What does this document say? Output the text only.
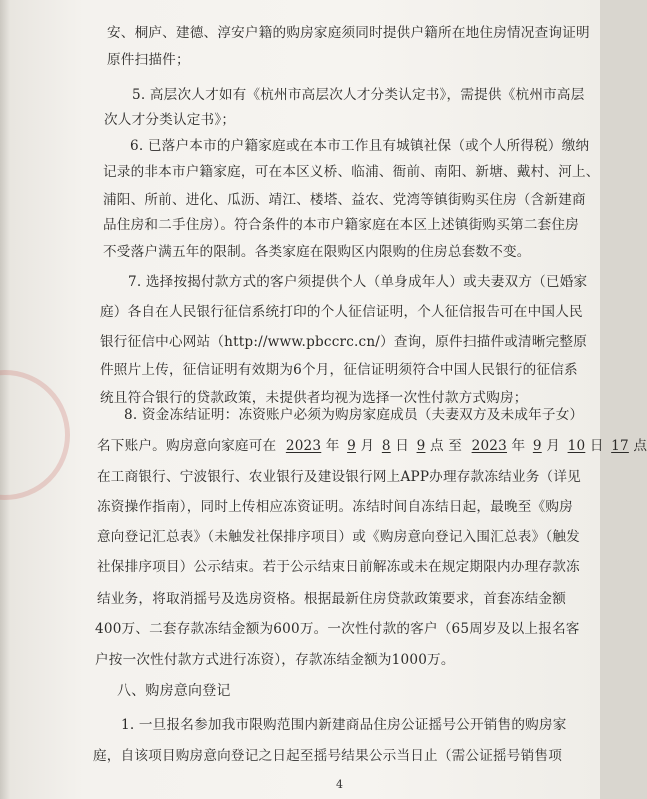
安、桐庐、建德、淳安户籍的购房家庭须同时提供户籍所在地住房情况查询证明
原件扫描件；
5. 高层次人才如有《杭州市高层次人才分类认定书》，需提供《杭州市高层
次人才分类认定书》；
6. 已落户本市的户籍家庭或在本市工作且有城镇社保（或个人所得税）缴纳
记录的非本市户籍家庭，可在本区义桥、临浦、衙前、南阳、新塘、戴村、河上、
浦阳、所前、进化、瓜沥、靖江、楼塔、益农、党湾等镇街购买住房（含新建商
品住房和二手住房）。符合条件的本市户籍家庭在本区上述镇街购买第二套住房
不受落户满五年的限制。各类家庭在限购区内限购的住房总套数不变。
7. 选择按揭付款方式的客户须提供个人（单身成年人）或夫妻双方（已婚家
庭）各自在人民银行征信系统打印的个人征信证明，个人征信报告可在中国人民
银行征信中心网站（http://www.pbccrc.cn/）查询，原件扫描件或清晰完整原
件照片上传，征信证明有效期为6个月，征信证明须符合中国人民银行的征信系
统且符合银行的贷款政策，未提供者均视为选择一次性付款方式购房；
8. 资金冻结证明：冻资账户必须为购房家庭成员（夫妻双方及未成年子女）
名下账户。购房意向家庭可在 2023 年 9 月 8 日 9 点 至 2023 年 9 月 10 日 17 点
在工商银行、宁波银行、农业银行及建设银行网上APP办理存款冻结业务（详见
冻资操作指南），同时上传相应冻资证明。冻结时间自冻结日起，最晚至《购房
意向登记汇总表》（未触发社保排序项目）或《购房意向登记入围汇总表》（触发
社保排序项目）公示结束。若于公示结束日前解冻或未在规定期限内办理存款冻
结业务，将取消摇号及选房资格。根据最新住房贷款政策要求，首套冻结金额
400万、二套存款冻结金额为600万。一次性付款的客户（65周岁及以上报名客
户按一次性付款方式进行冻资），存款冻结金额为1000万。
4
八、购房意向登记
1. 一旦报名参加我市限购范围内新建商品住房公证摇号公开销售的购房家
庭，自该项目购房意向登记之日起至摇号结果公示当日止（需公证摇号销售项
